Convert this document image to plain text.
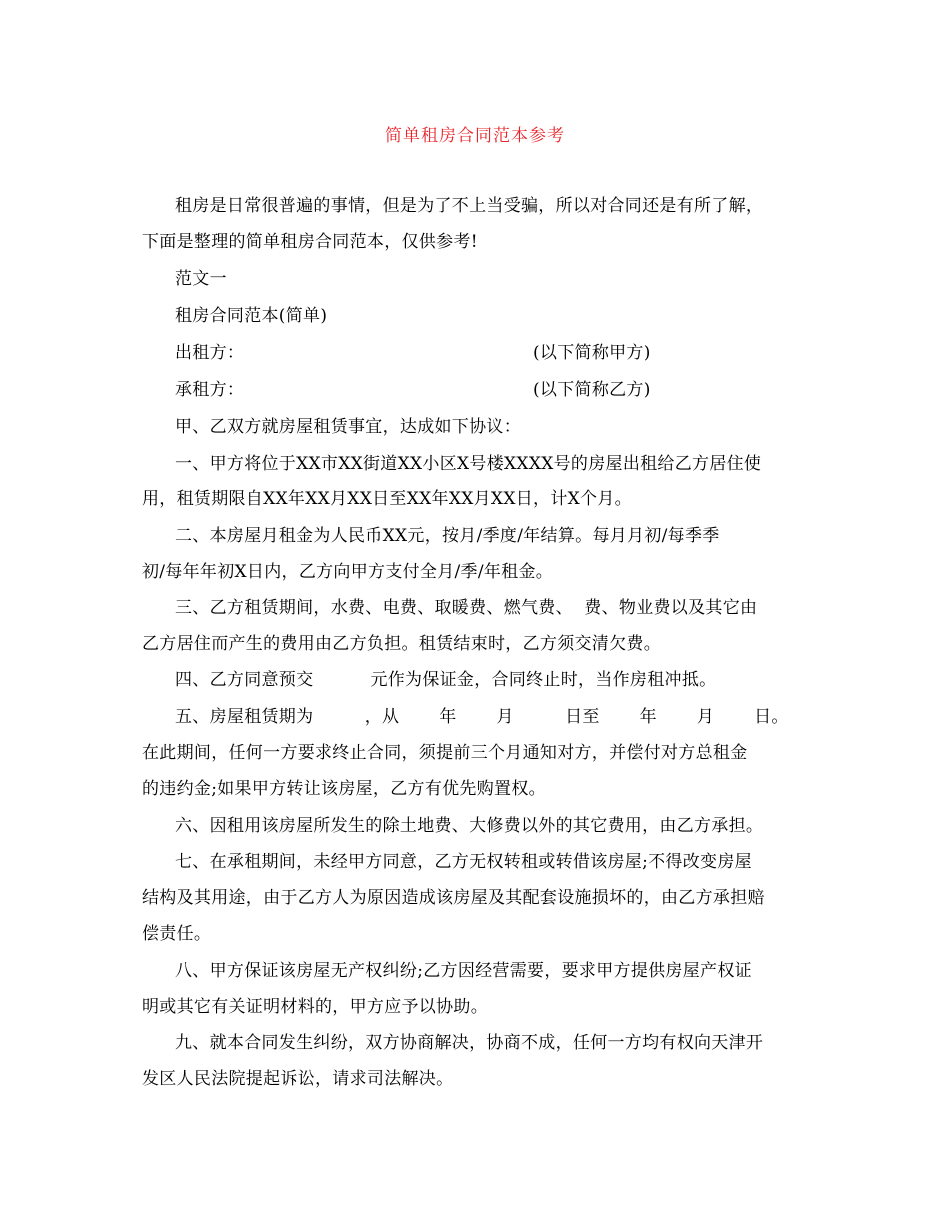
简单租房合同范本参考
租房是日常很普遍的事情，但是为了不上当受骗，所以对合同还是有所了解，
下面是整理的简单租房合同范本，仅供参考!
范文一
租房合同范本(简单)
出租方：	(以下简称甲方)
承租方：	(以下简称乙方)
甲、乙双方就房屋租赁事宜，达成如下协议：
一、甲方将位于XX市XX街道XX小区X号楼XXXX号的房屋出租给乙方居住使
用，租赁期限自XX年XX月XX日至XX年XX月XX日，计X个月。
二、本房屋月租金为人民币XX元，按月/季度/年结算。每月月初/每季季
初/每年年初X日内，乙方向甲方支付全月/季/年租金。
三、乙方租赁期间，水费、电费、取暖费、燃气费、  费、物业费以及其它由
乙方居住而产生的费用由乙方负担。租赁结束时，乙方须交清欠费。
四、乙方同意预交          元作为保证金，合同终止时，当作房租冲抵。
五、房屋租赁期为         ，从       年       月         日至       年       月       日。
在此期间，任何一方要求终止合同，须提前三个月通知对方，并偿付对方总租金
的违约金;如果甲方转让该房屋，乙方有优先购置权。
六、因租用该房屋所发生的除土地费、大修费以外的其它费用，由乙方承担。
七、在承租期间，未经甲方同意，乙方无权转租或转借该房屋;不得改变房屋
结构及其用途，由于乙方人为原因造成该房屋及其配套设施损坏的，由乙方承担赔
偿责任。
八、甲方保证该房屋无产权纠纷;乙方因经营需要，要求甲方提供房屋产权证
明或其它有关证明材料的，甲方应予以协助。
九、就本合同发生纠纷，双方协商解决，协商不成，任何一方均有权向天津开
发区人民法院提起诉讼，请求司法解决。
